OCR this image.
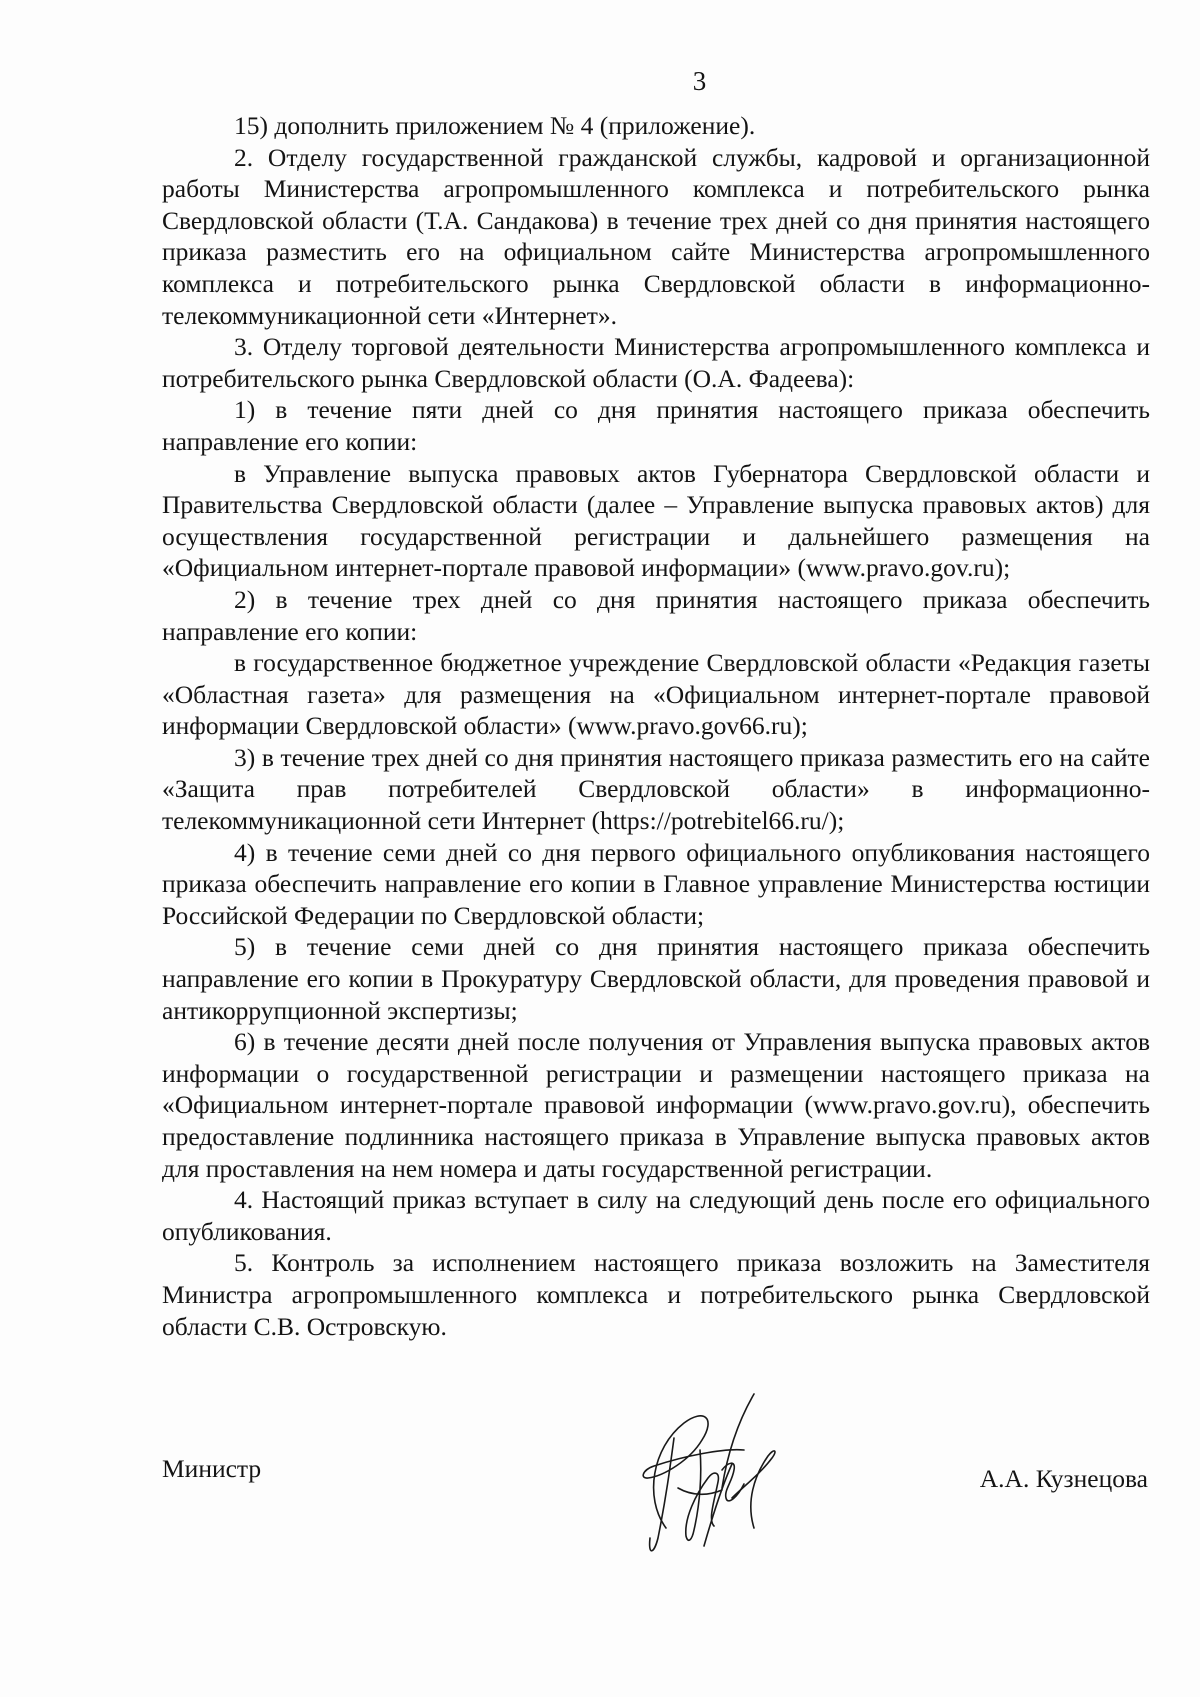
3

15) дополнить приложением № 4 (приложение).

2. Отделу государственной гражданской службы, кадровой и организационной работы Министерства агропромышленного комплекса и потребительского рынка Свердловской области (Т.А. Сандакова) в течение трех дней со дня принятия настоящего приказа разместить его на официальном сайте Министерства агропромышленного комплекса и потребительского рынка Свердловской области в информационно-телекоммуникационной сети «Интернет».

3. Отделу торговой деятельности Министерства агропромышленного комплекса и потребительского рынка Свердловской области (О.А. Фадеева):

1) в течение пяти дней со дня принятия настоящего приказа обеспечить направление его копии:

в Управление выпуска правовых актов Губернатора Свердловской области и Правительства Свердловской области (далее – Управление выпуска правовых актов) для осуществления государственной регистрации и дальнейшего размещения на «Официальном интернет-портале правовой информации» (www.pravo.gov.ru);

2) в течение трех дней со дня принятия настоящего приказа обеспечить направление его копии:

в государственное бюджетное учреждение Свердловской области «Редакция газеты «Областная газета» для размещения на «Официальном интернет-портале правовой информации Свердловской области» (www.pravo.gov66.ru);

3) в течение трех дней со дня принятия настоящего приказа разместить его на сайте «Защита прав потребителей Свердловской области» в информационно-телекоммуникационной сети Интернет (https://potrebitel66.ru/);

4) в течение семи дней со дня первого официального опубликования настоящего приказа обеспечить направление его копии в Главное управление Министерства юстиции Российской Федерации по Свердловской области;

5) в течение семи дней со дня принятия настоящего приказа обеспечить направление его копии в Прокуратуру Свердловской области, для проведения правовой и антикоррупционной экспертизы;

6) в течение десяти дней после получения от Управления выпуска правовых актов информации о государственной регистрации и размещении настоящего приказа на «Официальном интернет-портале правовой информации (www.pravo.gov.ru), обеспечить предоставление подлинника настоящего приказа в Управление выпуска правовых актов для проставления на нем номера и даты государственной регистрации.

4. Настоящий приказ вступает в силу на следующий день после его официального опубликования.

5. Контроль за исполнением настоящего приказа возложить на Заместителя Министра агропромышленного комплекса и потребительского рынка Свердловской области С.В. Островскую.

Министр	А.А. Кузнецова
